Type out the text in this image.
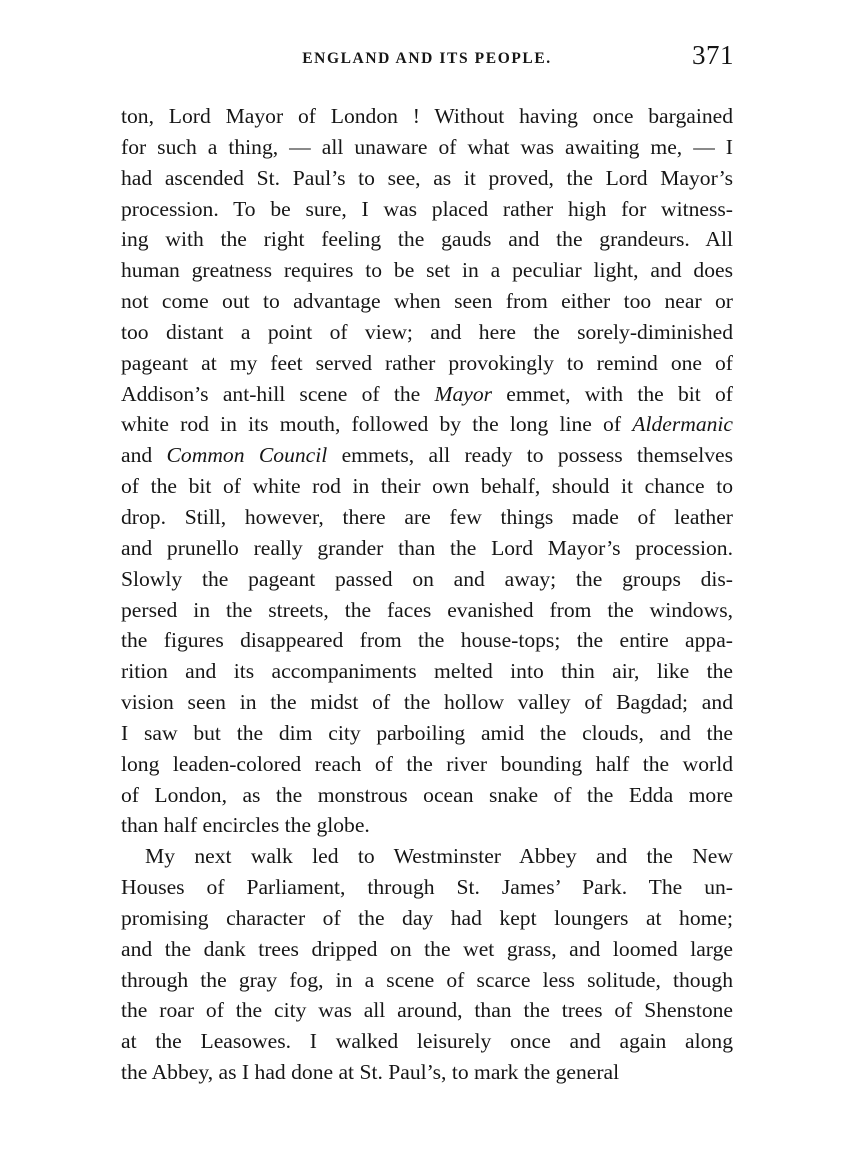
ENGLAND AND ITS PEOPLE.	371
ton, Lord Mayor of London ! Without having once bargained
for such a thing, — all unaware of what was awaiting me, — I
had ascended St. Paul’s to see, as it proved, the Lord Mayor’s
procession. To be sure, I was placed rather high for witness-
ing with the right feeling the gauds and the grandeurs. All
human greatness requires to be set in a peculiar light, and does
not come out to advantage when seen from either too near or
too distant a point of view; and here the sorely-diminished
pageant at my feet served rather provokingly to remind one of
Addison’s ant-hill scene of the Mayor emmet, with the bit of
white rod in its mouth, followed by the long line of Aldermanic
and Common Council emmets, all ready to possess themselves
of the bit of white rod in their own behalf, should it chance to
drop. Still, however, there are few things made of leather
and prunello really grander than the Lord Mayor’s procession.
Slowly the pageant passed on and away; the groups dis-
persed in the streets, the faces evanished from the windows,
the figures disappeared from the house-tops; the entire appa-
rition and its accompaniments melted into thin air, like the
vision seen in the midst of the hollow valley of Bagdad; and
I saw but the dim city parboiling amid the clouds, and the
long leaden-colored reach of the river bounding half the world
of London, as the monstrous ocean snake of the Edda more
than half encircles the globe.
My next walk led to Westminster Abbey and the New
Houses of Parliament, through St. James’ Park. The un-
promising character of the day had kept loungers at home;
and the dank trees dripped on the wet grass, and loomed large
through the gray fog, in a scene of scarce less solitude, though
the roar of the city was all around, than the trees of Shenstone
at the Leasowes. I walked leisurely once and again along
the Abbey, as I had done at St. Paul’s, to mark the general
